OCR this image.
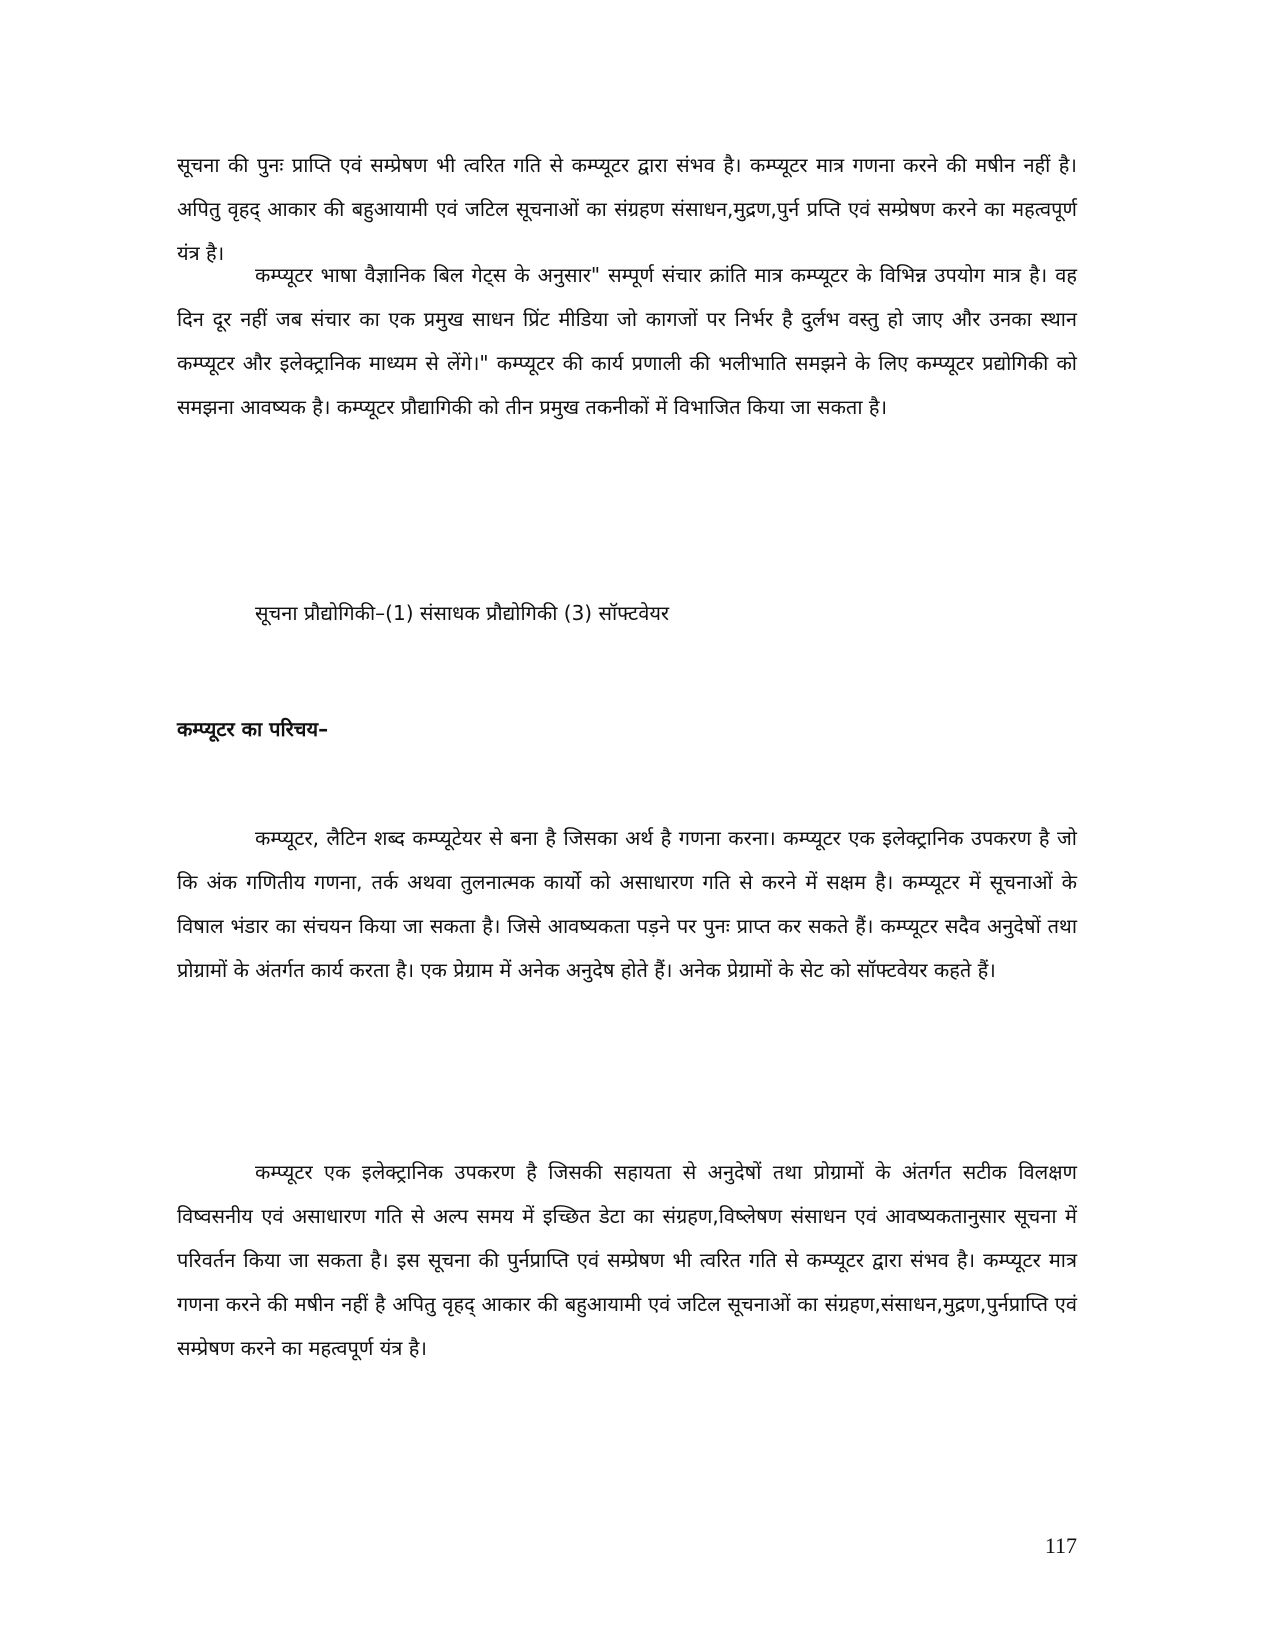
सूचना की पुनः प्राप्ति एवं सम्प्रेषण भी त्वरित गति से कम्प्यूटर द्वारा संभव है। कम्प्यूटर मात्र गणना करने की मषीन नहीं है। अपितु वृहद् आकार की बहुआयामी एवं जटिल सूचनाओं का संग्रहण संसाधन,मुद्रण,पुर्न प्रप्ति एवं सम्प्रेषण करने का महत्वपूर्ण यंत्र है।

कम्प्यूटर भाषा वैज्ञानिक बिल गेट्स के अनुसार" सम्पूर्ण संचार क्रांति मात्र कम्प्यूटर के विभिन्न उपयोग मात्र है। वह दिन दूर नहीं जब संचार का एक प्रमुख साधन प्रिंट मीडिया जो कागजों पर निर्भर है दुर्लभ वस्तु हो जाए और उनका स्थान कम्प्यूटर और इलेक्ट्रानिक माध्यम से लेंगे।" कम्प्यूटर की कार्य प्रणाली की भलीभाति समझने के लिए कम्प्यूटर प्रद्योगिकी को समझना आवष्यक है। कम्प्यूटर प्रौद्यागिकी को तीन प्रमुख तकनीकों में विभाजित किया जा सकता है।

सूचना प्रौद्योगिकी–(1) संसाधक प्रौद्योगिकी (3) सॉफ्टवेयर

कम्प्यूटर का परिचय–

कम्प्यूटर, लैटिन शब्द कम्प्यूटेयर से बना है जिसका अर्थ है गणना करना। कम्प्यूटर एक इलेक्ट्रानिक उपकरण है जो कि अंक गणितीय गणना, तर्क अथवा तुलनात्मक कार्यो को असाधारण गति से करने में सक्षम है। कम्प्यूटर में सूचनाओं के विषाल भंडार का संचयन किया जा सकता है। जिसे आवष्यकता पड़ने पर पुनः प्राप्त कर सकते हैं। कम्प्यूटर सदैव अनुदेषों तथा प्रोग्रामों के अंतर्गत कार्य करता है। एक प्रेग्राम में अनेक अनुदेष होते हैं। अनेक प्रेग्रामों के सेट को सॉफ्टवेयर कहते हैं।

कम्प्यूटर एक इलेक्ट्रानिक उपकरण है जिसकी सहायता से अनुदेषों तथा प्रोग्रामों के अंतर्गत सटीक विलक्षण विष्वसनीय एवं असाधारण गति से अल्प समय में इच्छित डेटा का संग्रहण,विष्लेषण संसाधन एवं आवष्यकतानुसार सूचना में परिवर्तन किया जा सकता है। इस सूचना की पुर्नप्राप्ति एवं सम्प्रेषण भी त्वरित गति से कम्प्यूटर द्वारा संभव है। कम्प्यूटर मात्र गणना करने की मषीन नहीं है अपितु वृहद् आकार की बहुआयामी एवं जटिल सूचनाओं का संग्रहण,संसाधन,मुद्रण,पुर्नप्राप्ति एवं सम्प्रेषण करने का महत्वपूर्ण यंत्र है।

117
